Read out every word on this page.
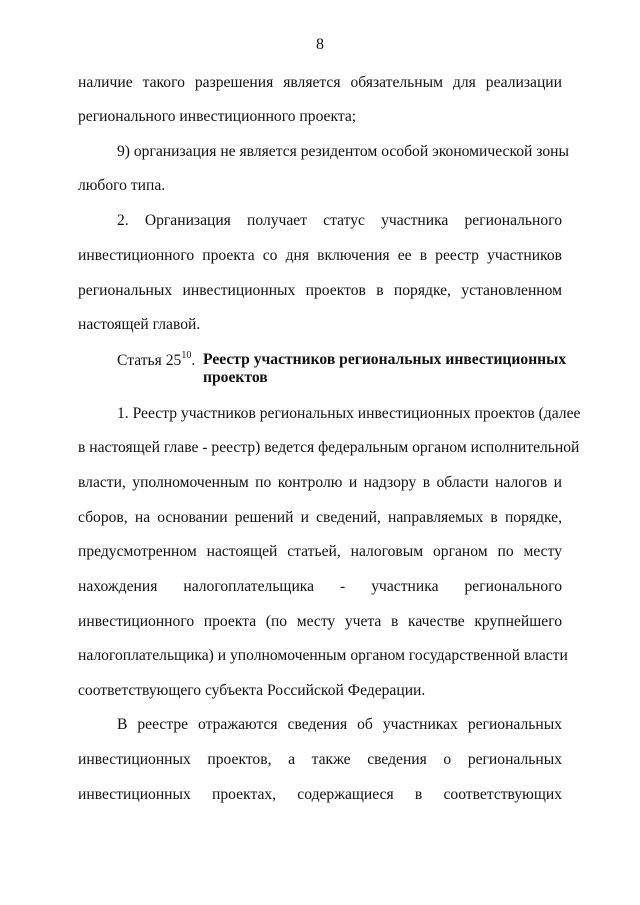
8
наличие такого разрешения является обязательным для реализации
регионального инвестиционного проекта;
9) организация не является резидентом особой экономической зоны
любого типа.
2. Организация получает статус участника регионального
инвестиционного проекта со дня включения ее в реестр участников
региональных инвестиционных проектов в порядке, установленном
настоящей главой.
Статья $25^{10}$. Реестр участников региональных инвестиционных
проектов
1. Реестр участников региональных инвестиционных проектов (далее
в настоящей главе - реестр) ведется федеральным органом исполнительной
власти, уполномоченным по контролю и надзору в области налогов и
сборов, на основании решений и сведений, направляемых в порядке,
предусмотренном настоящей статьей, налоговым органом по месту
нахождения налогоплательщика - участника регионального
инвестиционного проекта (по месту учета в качестве крупнейшего
налогоплательщика) и уполномоченным органом государственной власти
соответствующего субъекта Российской Федерации.
В реестре отражаются сведения об участниках региональных
инвестиционных проектов, а также сведения о региональных
инвестиционных проектах, содержащиеся в соответствующих
